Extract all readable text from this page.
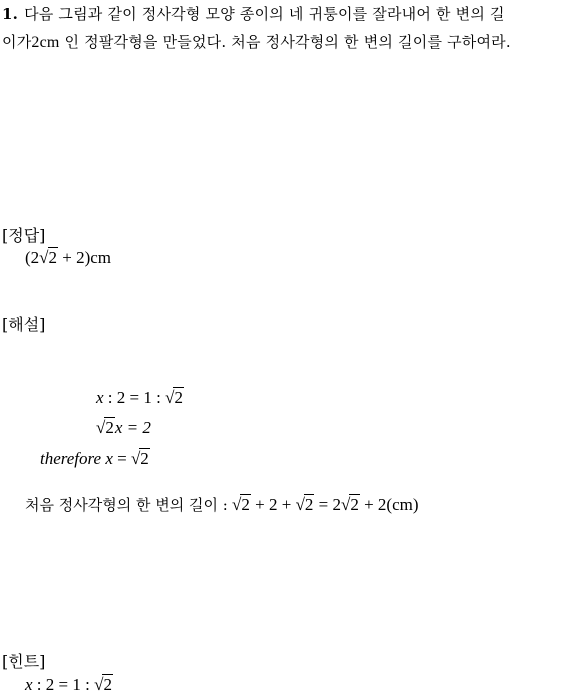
1. 다음 그림과 같이 정사각형 모양 종이의 네 귀퉁이를 잘라내어 한 변의 길
이가2cm 인 정팔각형을 만들었다. 처음 정사각형의 한 변의 길이를 구하여라.
[정답]
(2√2 + 2)cm
[해설]
x : 2 = 1 : √2
√2x = 2
therefore x = √2
처음 정사각형의 한 변의 길이 : √2 + 2 + √2 = 2√2 + 2(cm)
[힌트]
x : 2 = 1 : √2
